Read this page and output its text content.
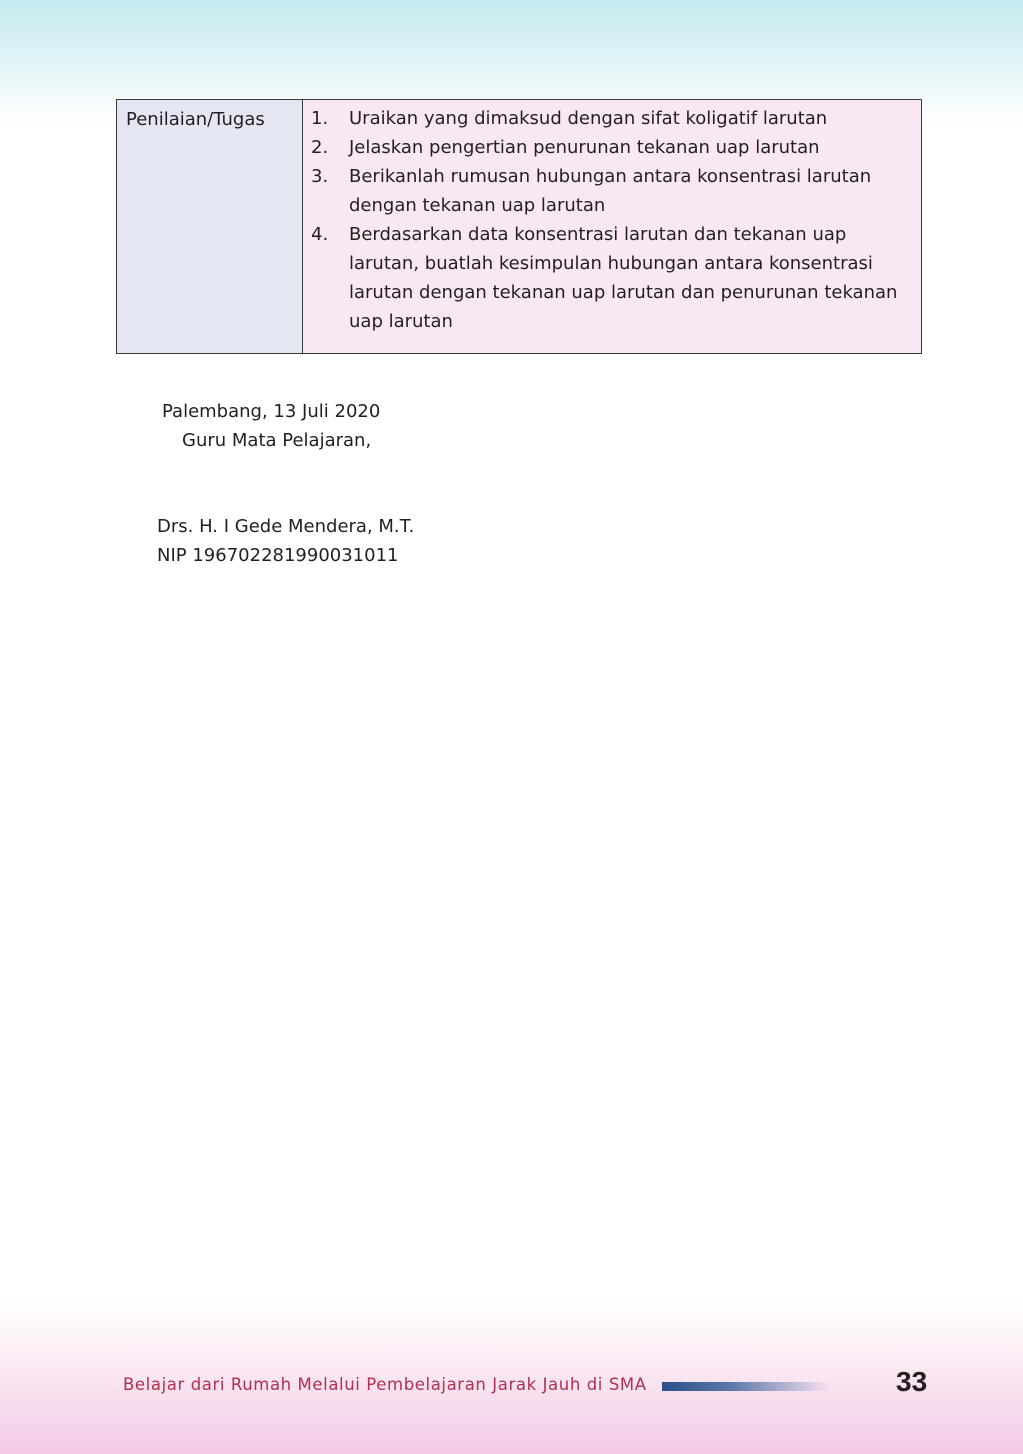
Penilaian/Tugas	1.	Uraikan yang dimaksud dengan sifat koligatif larutan
2.	Jelaskan pengertian penurunan tekanan uap larutan
3.	Berikanlah rumusan hubungan antara konsentrasi larutan dengan tekanan uap larutan
4.	Berdasarkan data konsentrasi larutan dan tekanan uap larutan, buatlah kesimpulan hubungan antara konsentrasi larutan dengan tekanan uap larutan dan penurunan tekanan uap larutan
Palembang, 13 Juli 2020
Guru Mata Pelajaran,
Drs. H. I Gede Mendera, M.T.
NIP 196702281990031011
Belajar dari Rumah Melalui Pembelajaran Jarak Jauh di SMA	33
